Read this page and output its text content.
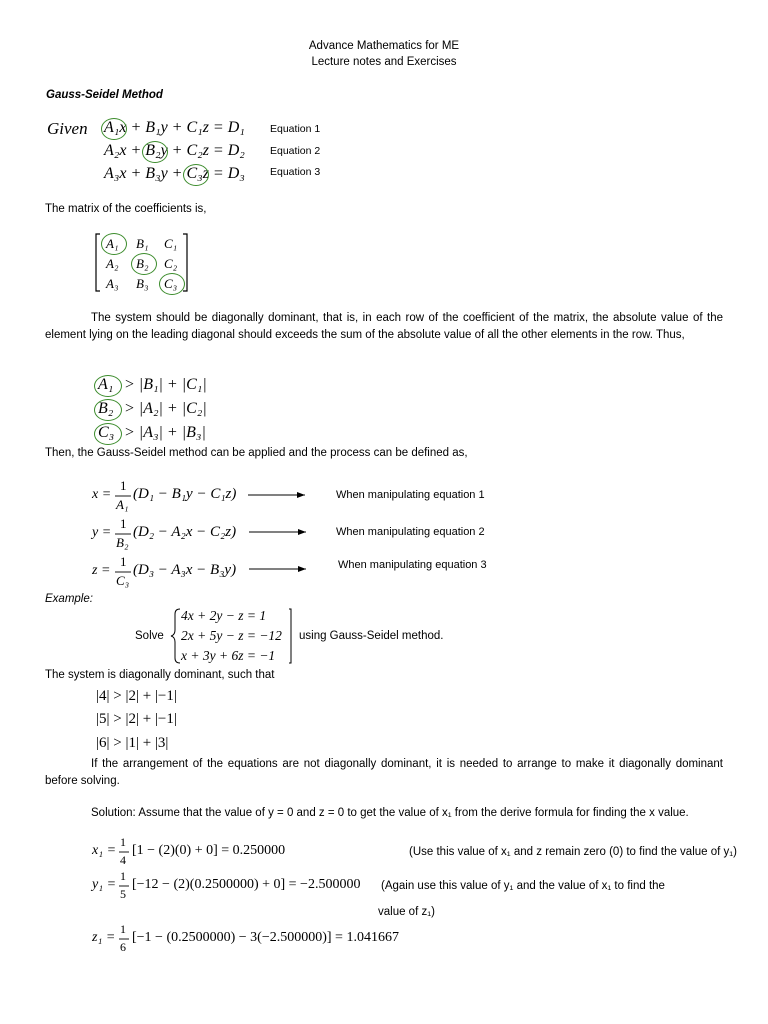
Advance Mathematics for ME
Lecture notes and Exercises
Gauss-Seidel Method
Given A₁x + B₁y + C₁z = D₁
A₂x + B₂y + C₂z = D₂
A₃x + B₃y + C₃z = D₃
Equation 1
Equation 2
Equation 3
The matrix of the coefficients is,
A₁ B₁ C₁
A₂ B₂ C₂
A₃ B₃ C₃
The system should be diagonally dominant, that is, in each row of the coefficient of the matrix, the absolute value of the element lying on the leading diagonal should exceeds the sum of the absolute value of all the other elements in the row. Thus,
A₁ > |B₁| + |C₁|
B₂ > |A₂| + |C₂|
C₃ > |A₃| + |B₃|
Then, the Gauss-Seidel method can be applied and the process can be defined as,
x =
1
A₁
(D₁ − B₁y − C₁z)	When manipulating equation 1
y =
1
B₂
(D₂ − A₂x − C₂z)	When manipulating equation 2
z =
1
C₃
(D₃ − A₃x − B₃y)	When manipulating equation 3
Example:
Solve
4x + 2y − z = 1
2x + 5y − z = −12
x + 3y + 6z = −1
using Gauss-Seidel method.
The system is diagonally dominant, such that
|4| > |2| + |−1|
|5| > |2| + |−1|
|6| > |1| + |3|
If the arrangement of the equations are not diagonally dominant, it is needed to arrange to make it diagonally dominant before solving.
Solution: Assume that the value of y = 0 and z = 0 to get the value of x₁ from the derive formula for finding the x value.
x₁ =
1
4
[1 − (2)(0) + 0] = 0.250000	(Use this value of x₁ and z remain zero (0) to find the value of y₁)
y₁ =
1
5
[−12 − (2)(0.2500000) + 0] = −2.500000 (Again use this value of y₁ and the value of x₁ to find the
value of z₁)
z₁ =
1
6
[−1 − (0.2500000) − 3(−2.500000)] = 1.041667
